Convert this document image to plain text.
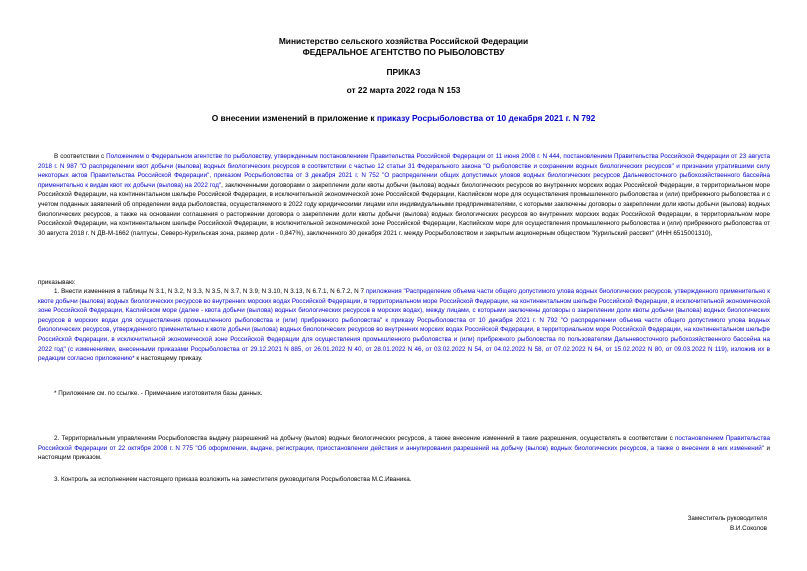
Министерство сельского хозяйства Российской Федерации
ФЕДЕРАЛЬНОЕ АГЕНТСТВО ПО РЫБОЛОВСТВУ
ПРИКАЗ
от 22 марта 2022 года N 153
О внесении изменений в приложение к приказу Росрыболовства от 10 декабря 2021 г. N 792
В соответствии с Положением о Федеральном агентстве по рыболовству, утвержденным постановлением Правительства Российской Федерации от 11 июня 2008 г. N 444, постановлением Правительства Российской Федерации от 23 августа 2018 г. N 987 "О распределении квот добычи (вылова) водных биологических ресурсов в соответствии с частью 12 статьи 31 Федерального закона "О рыболовстве и сохранении водных биологических ресурсов" и признании утратившими силу некоторых актов Правительства Российской Федерации", приказом Росрыболовства от 3 декабря 2021 г. N 752 "О распределении общих допустимых уловов водных биологических ресурсов Дальневосточного рыбохозяйственного бассейна применительно к видам квот их добычи (вылова) на 2022 год", заключенными договорами о закреплении доли квоты добычи (вылова) водных биологических ресурсов во внутренних морских водах Российской Федерации, в территориальном море Российской Федерации, на континентальном шельфе Российской Федерации, в исключительной экономической зоне Российской Федерации, Каспийском море для осуществления промышленного рыболовства и (или) прибрежного рыболовства и с учетом поданных заявлений об определении вида рыболовства, осуществляемого в 2022 году юридическими лицами или индивидуальными предпринимателями, с которыми заключены договоры о закреплении доли квоты добычи (вылова) водных биологических ресурсов, а также на основании соглашения о расторжении договора о закреплении доли квоты добычи (вылова) водных биологических ресурсов во внутренних морских водах Российской Федерации, в территориальном море Российской Федерации, на континентальном шельфе Российской Федерации, в исключительной экономической зоне Российской Федерации, Каспийском море для осуществления промышленного рыболовства и (или) прибрежного рыболовства от 30 августа 2018 г. N ДВ-М-1662 (палтусы, Северо-Курильская зона, размер доли - 0,847%), заключенного 30 декабря 2021 г. между Росрыболовством и закрытым акционерным обществом "Курильский рассвет" (ИНН 6515001310),
приказываю:
1. Внести изменения в таблицы N 3.1, N 3.2, N 3.3, N 3.5, N 3.7, N 3.9, N 3.10, N 3.13, N 6.7.1, N 6.7.2, N 7 приложения "Распределение объема части общего допустимого улова водных биологических ресурсов, утвержденного применительно к квоте добычи (вылова) водных биологических ресурсов во внутренних морских водах Российской Федерации, в территориальном море Российской Федерации, на континентальном шельфе Российской Федерации, в исключительной экономической зоне Российской Федерации, Каспийском море (далее - квота добычи (вылова) водных биологических ресурсов в морских водах), между лицами, с которыми заключены договоры о закреплении доли квоты добычи (вылова) водных биологических ресурсов в морских водах для осуществления промышленного рыболовства и (или) прибрежного рыболовства" к приказу Росрыболовства от 10 декабря 2021 г. N 792 "О распределении объема части общего допустимого улова водных биологических ресурсов, утвержденного применительно к квоте добычи (вылова) водных биологических ресурсов во внутренних морских водах Российской Федерации, в территориальном море Российской Федерации, на континентальном шельфе Российской Федерации, в исключительной экономической зоне Российской Федерации для осуществления промышленного рыболовства и (или) прибрежного рыболовства по пользователям Дальневосточного рыбохозяйственного бассейна на 2022 год" (с изменениями, внесенными приказами Росрыболовства от 29.12.2021 N 885, от 26.01.2022 N 40, от 28.01.2022 N 46, от 03.02.2022 N 54, от 04.02.2022 N 58, от 07.02.2022 N 64, от 15.02.2022 N 80, от 09.03.2022 N 119), изложив их в редакции согласно приложению* к настоящему приказу.
* Приложение см. по ссылке. - Примечание изготовителя базы данных.
2. Территориальным управлениям Росрыболовства выдачу разрешений на добычу (вылов) водных биологических ресурсов, а также внесение изменений в такие разрешения, осуществлять в соответствии с постановлением Правительства Российской Федерации от 22 октября 2008 г. N 775 "Об оформлении, выдаче, регистрации, приостановлении действия и аннулировании разрешений на добычу (вылов) водных биологических ресурсов, а также о внесении в них изменений" и настоящим приказом.
3. Контроль за исполнением настоящего приказа возложить на заместителя руководителя Росрыболовства М.С.Иваника.
Заместитель руководителя
В.И.Соколов
